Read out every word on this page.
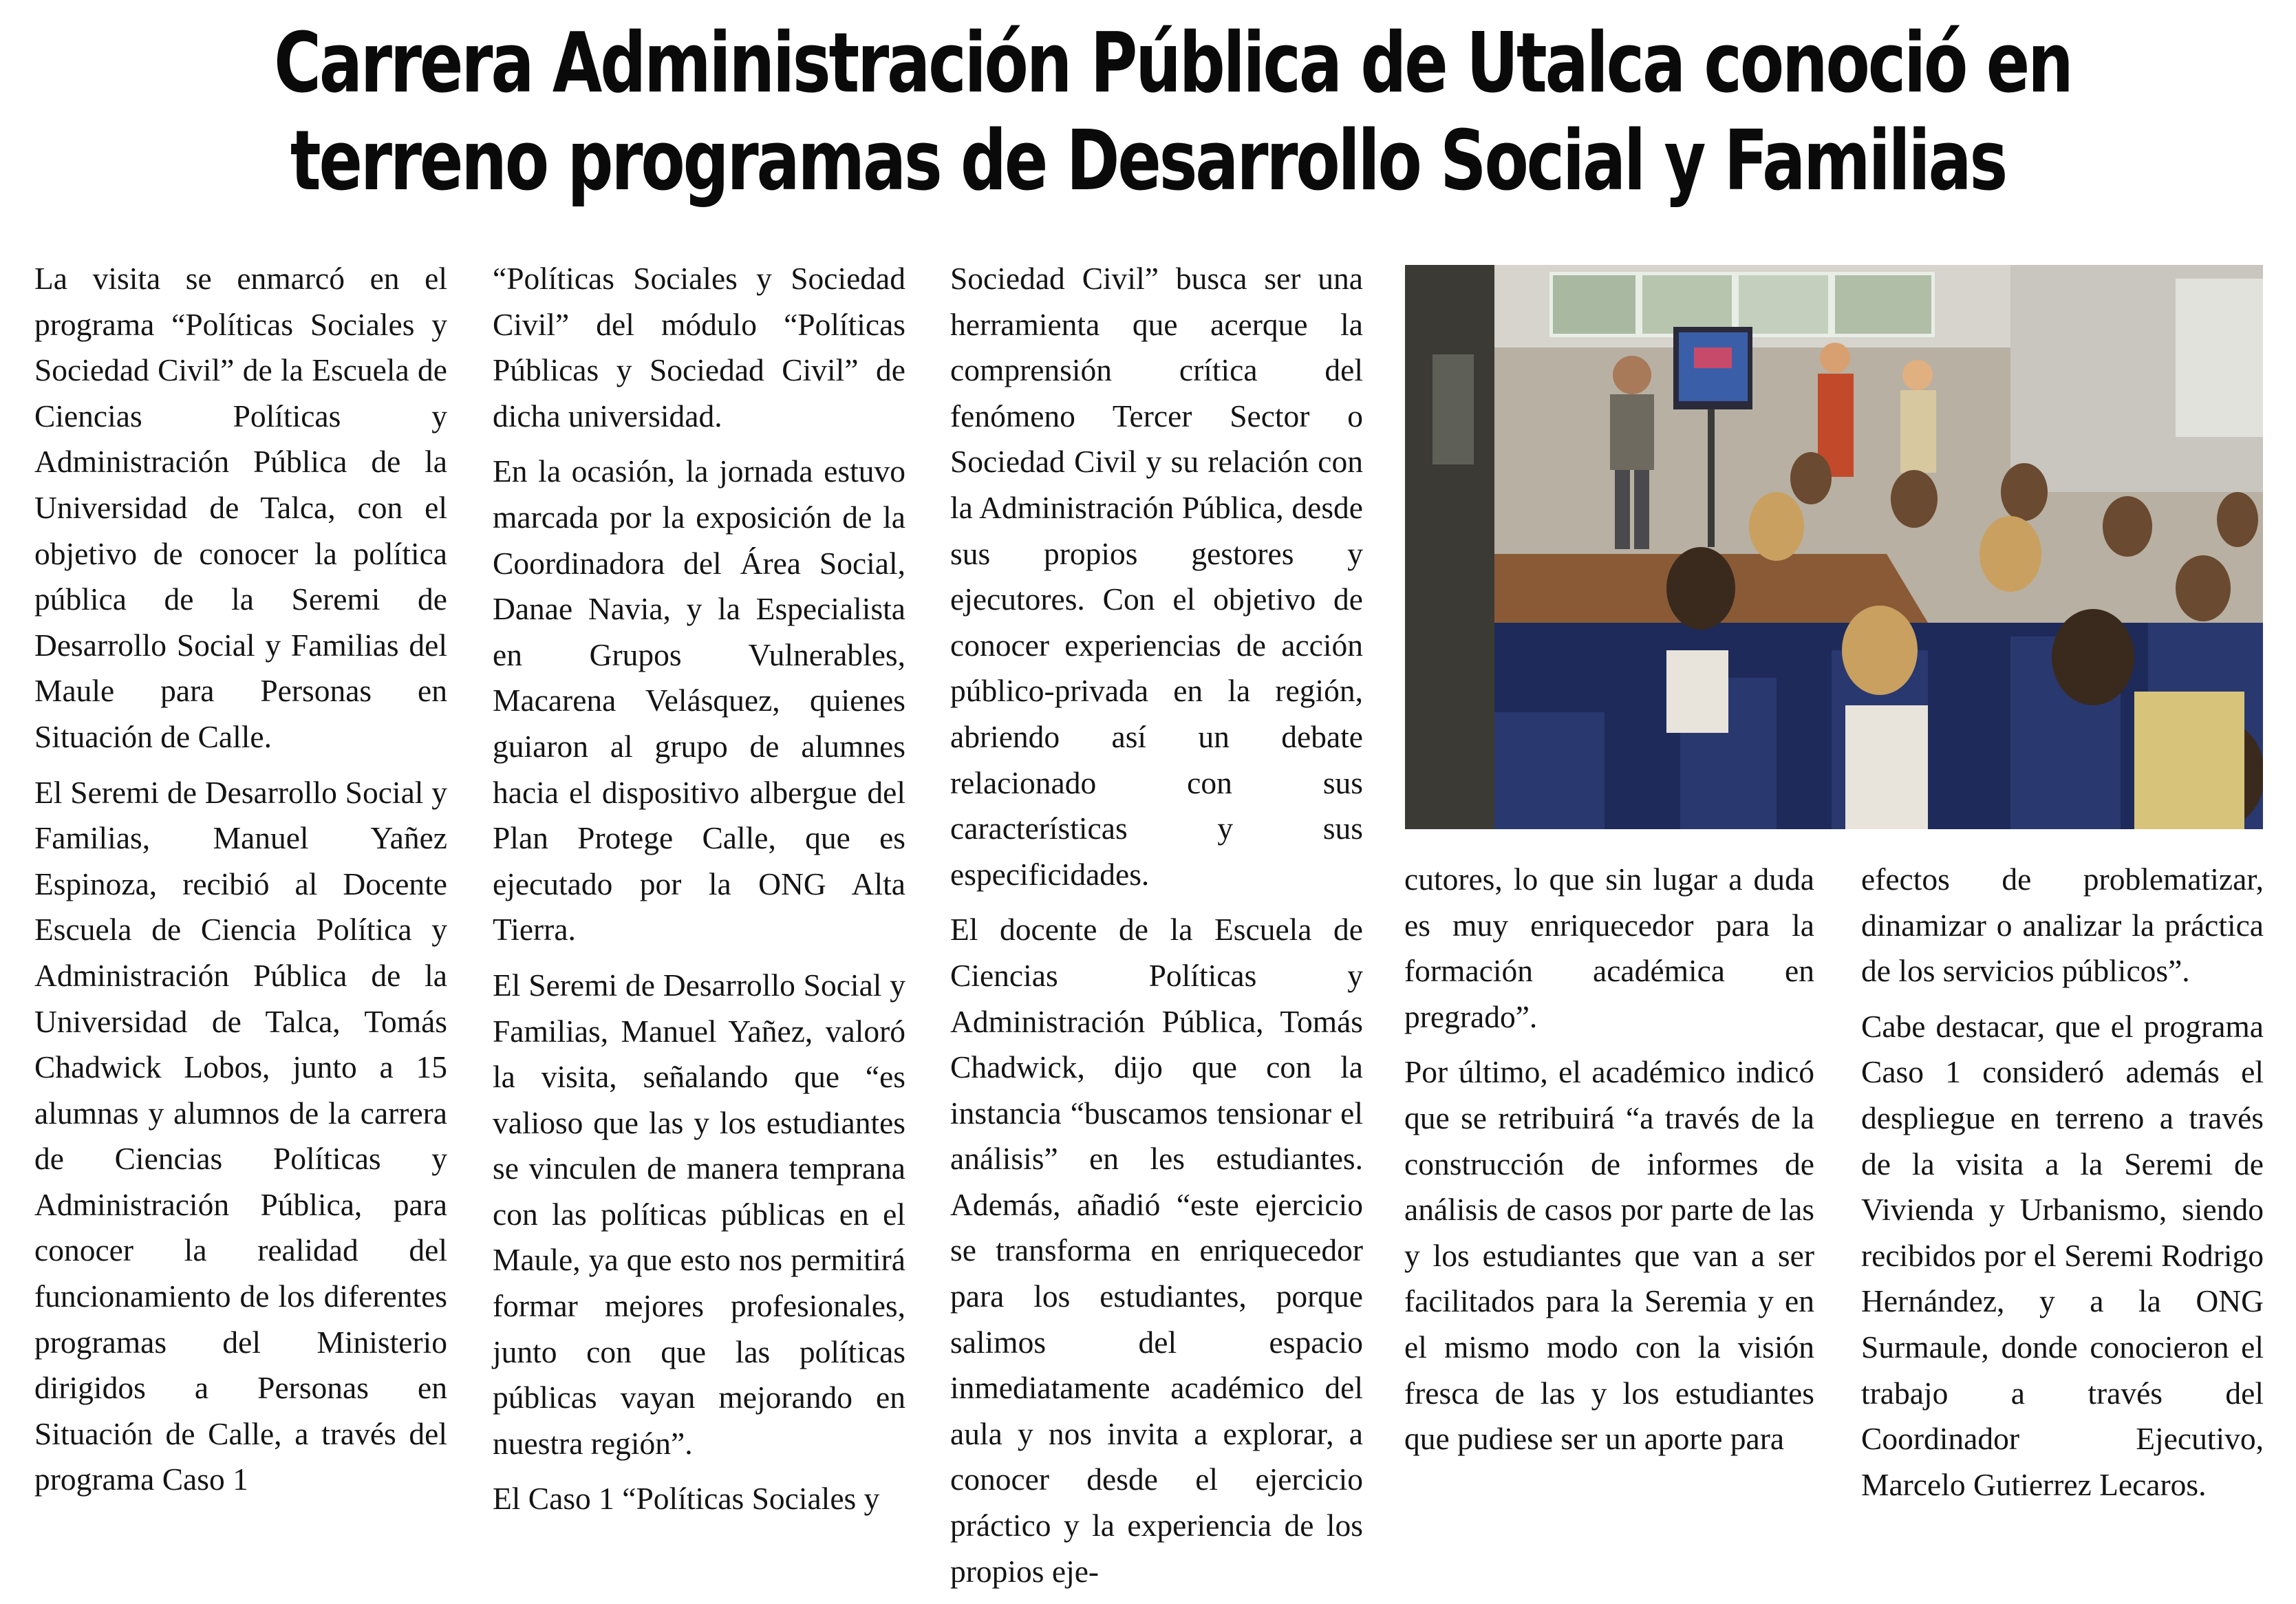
Carrera Administración Pública de Utalca conoció en
terreno programas de Desarrollo Social y Familias

La visita se enmarcó en el programa “Políticas Sociales y Sociedad Civil” de la Escuela de Ciencias Políticas y Administración Pública de la Universidad de Talca, con el objetivo de conocer la política pública de la Seremi de Desarrollo Social y Familias del Maule para Personas en Situación de Calle.

El Seremi de Desarrollo Social y Familias, Manuel Yañez Espinoza, recibió al Docente Escuela de Ciencia Política y Administración Pública de la Universidad de Talca, Tomás Chadwick Lobos, junto a 15 alumnas y alumnos de la carrera de Ciencias Políticas y Administración Pública, para conocer la realidad del funcionamiento de los diferentes programas del Ministerio dirigidos a Personas en Situación de Calle, a través del programa Caso 1

“Políticas Sociales y Sociedad Civil” del módulo “Políticas Públicas y Sociedad Civil” de dicha universidad.

En la ocasión, la jornada estuvo marcada por la exposición de la Coordinadora del Área Social, Danae Navia, y la Especialista en Grupos Vulnerables, Macarena Velásquez, quienes guiaron al grupo de alumnes hacia el dispositivo albergue del Plan Protege Calle, que es ejecutado por la ONG Alta Tierra.

El Seremi de Desarrollo Social y Familias, Manuel Yañez, valoró la visita, señalando que “es valioso que las y los estudiantes se vinculen de manera temprana con las políticas públicas en el Maule, ya que esto nos permitirá formar mejores profesionales, junto con que las políticas públicas vayan mejorando en nuestra región”.

El Caso 1 “Políticas Sociales y

Sociedad Civil” busca ser una herramienta que acerque la comprensión crítica del fenómeno Tercer Sector o Sociedad Civil y su relación con la Administración Pública, desde sus propios gestores y ejecutores. Con el objetivo de conocer experiencias de acción público-privada en la región, abriendo así un debate relacionado con sus características y sus especificidades.

El docente de la Escuela de Ciencias Políticas y Administración Pública, Tomás Chadwick, dijo que con la instancia “buscamos tensionar el análisis” en les estudiantes. Además, añadió “este ejercicio se transforma en enriquecedor para los estudiantes, porque salimos del espacio inmediatamente académico del aula y nos invita a explorar, a conocer desde el ejercicio práctico y la experiencia de los propios eje-

cutores, lo que sin lugar a duda es muy enriquecedor para la formación académica en pregrado”.

Por último, el académico indicó que se retribuirá “a través de la construcción de informes de análisis de casos por parte de las y los estudiantes que van a ser facilitados para la Seremia y en el mismo modo con la visión fresca de las y los estudiantes que pudiese ser un aporte para

efectos de problematizar, dinamizar o analizar la práctica de los servicios públicos”.

Cabe destacar, que el programa Caso 1 consideró además el despliegue en terreno a través de la visita a la Seremi de Vivienda y Urbanismo, siendo recibidos por el Seremi Rodrigo Hernández, y a la ONG Surmaule, donde conocieron el trabajo a través del Coordinador Ejecutivo, Marcelo Gutierrez Lecaros.
